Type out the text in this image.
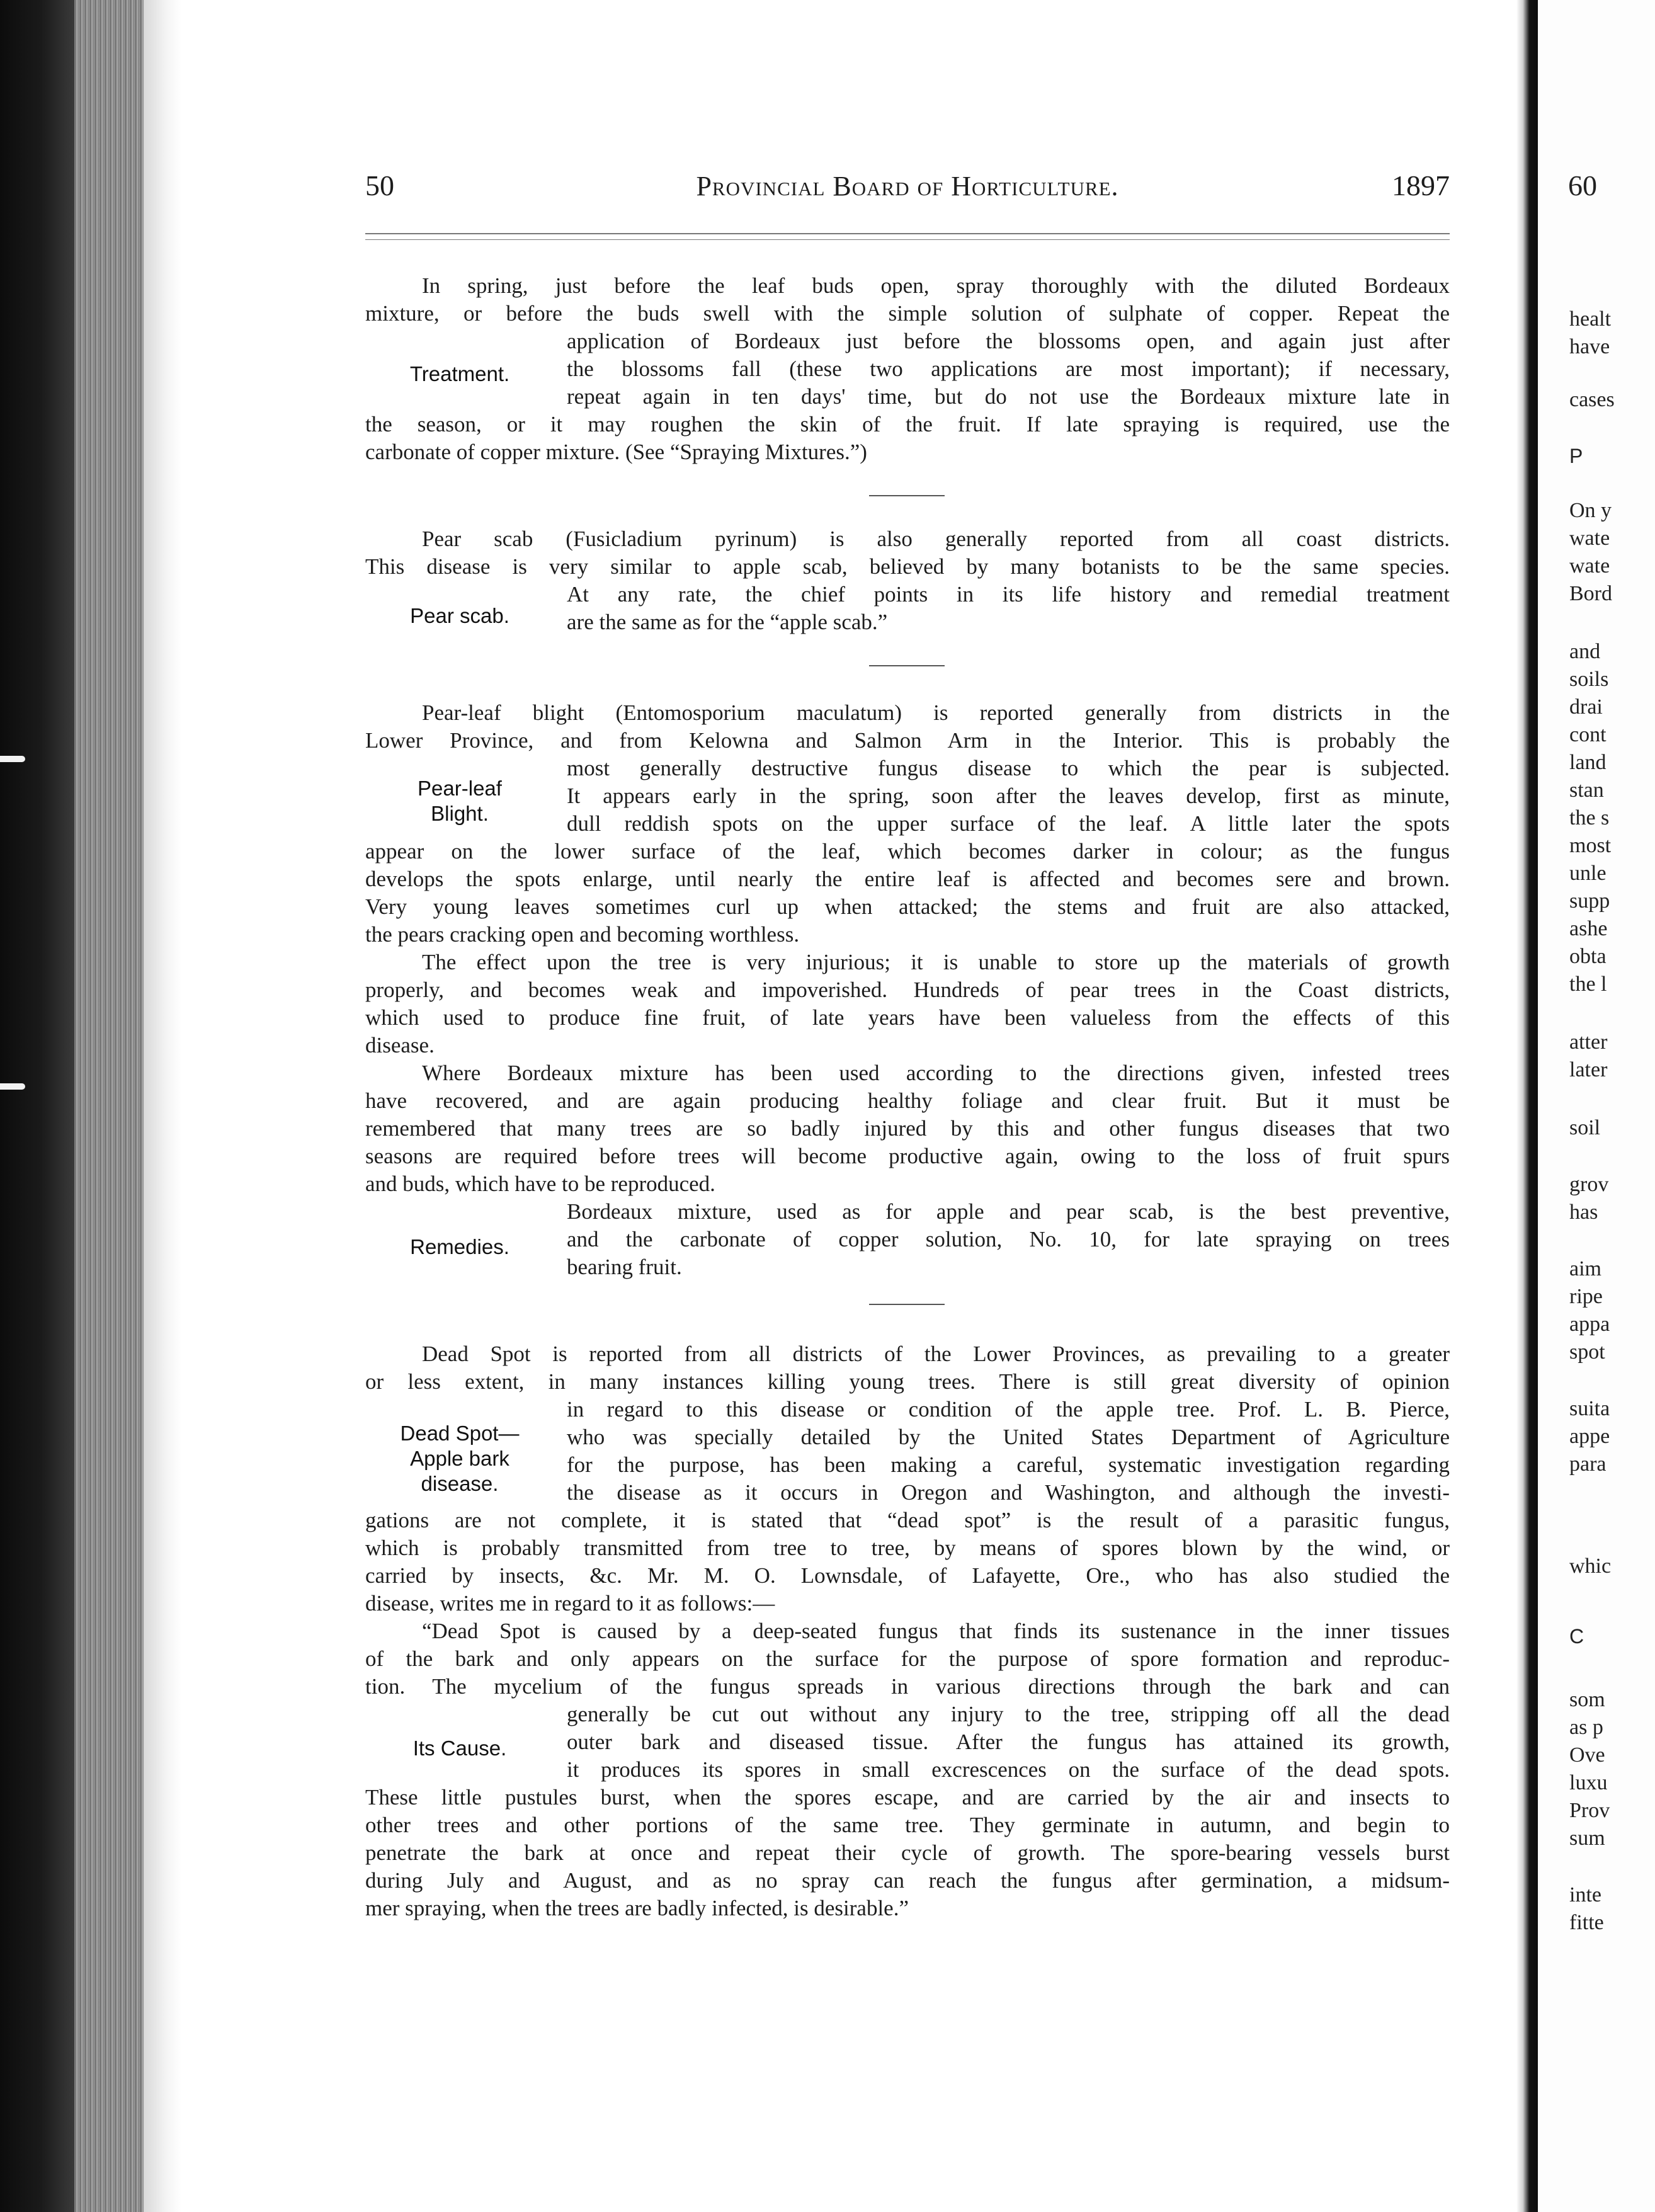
60
healt
have
cases
P
On y
wate
wate
Bord
and
soils
drai
cont
land
stan
the s
most
unle
supp
ashe
obta
the l
atter
later
soil
grov
has
aim
ripe
appa
spot
suita
appe
para
whic
C
som
as p
Ove
luxu
Prov
sum
inte
fitte
50	Provincial Board of Horticulture.	1897
In spring, just before the leaf buds open, spray thoroughly with the diluted Bordeaux
mixture, or before the buds swell with the simple solution of sulphate of copper. Repeat the
application of Bordeaux just before the blossoms open, and again just after
the blossoms fall (these two applications are most important); if necessary,
repeat again in ten days' time, but do not use the Bordeaux mixture late in
the season, or it may roughen the skin of the fruit. If late spraying is required, use the
carbonate of copper mixture. (See “Spraying Mixtures.”)
Treatment.
Pear scab (Fusicladium pyrinum) is also generally reported from all coast districts.
This disease is very similar to apple scab, believed by many botanists to be the same species.
At any rate, the chief points in its life history and remedial treatment
are the same as for the “apple scab.”
Pear scab.
Pear-leaf blight (Entomosporium maculatum) is reported generally from districts in the
Lower Province, and from Kelowna and Salmon Arm in the Interior. This is probably the
most generally destructive fungus disease to which the pear is subjected.
It appears early in the spring, soon after the leaves develop, first as minute,
dull reddish spots on the upper surface of the leaf. A little later the spots
appear on the lower surface of the leaf, which becomes darker in colour; as the fungus
develops the spots enlarge, until nearly the entire leaf is affected and becomes sere and brown.
Very young leaves sometimes curl up when attacked; the stems and fruit are also attacked,
the pears cracking open and becoming worthless.
The effect upon the tree is very injurious; it is unable to store up the materials of growth
properly, and becomes weak and impoverished. Hundreds of pear trees in the Coast districts,
which used to produce fine fruit, of late years have been valueless from the effects of this
disease.
Where Bordeaux mixture has been used according to the directions given, infested trees
have recovered, and are again producing healthy foliage and clear fruit. But it must be
remembered that many trees are so badly injured by this and other fungus diseases that two
seasons are required before trees will become productive again, owing to the loss of fruit spurs
and buds, which have to be reproduced.
Pear-leaf
Blight.
Bordeaux mixture, used as for apple and pear scab, is the best preventive,
and the carbonate of copper solution, No. 10, for late spraying on trees
bearing fruit.
Remedies.
Dead Spot is reported from all districts of the Lower Provinces, as prevailing to a greater
or less extent, in many instances killing young trees. There is still great diversity of opinion
in regard to this disease or condition of the apple tree. Prof. L. B. Pierce,
who was specially detailed by the United States Department of Agriculture
for the purpose, has been making a careful, systematic investigation regarding
the disease as it occurs in Oregon and Washington, and although the investi-
gations are not complete, it is stated that “dead spot” is the result of a parasitic fungus,
which is probably transmitted from tree to tree, by means of spores blown by the wind, or
carried by insects, &c. Mr. M. O. Lownsdale, of Lafayette, Ore., who has also studied the
disease, writes me in regard to it as follows:—
Dead Spot—
Apple bark
disease.
“Dead Spot is caused by a deep-seated fungus that finds its sustenance in the inner tissues
of the bark and only appears on the surface for the purpose of spore formation and reproduc-
tion. The mycelium of the fungus spreads in various directions through the bark and can
generally be cut out without any injury to the tree, stripping off all the dead
outer bark and diseased tissue. After the fungus has attained its growth,
it produces its spores in small excrescences on the surface of the dead spots.
These little pustules burst, when the spores escape, and are carried by the air and insects to
other trees and other portions of the same tree. They germinate in autumn, and begin to
penetrate the bark at once and repeat their cycle of growth. The spore-bearing vessels burst
during July and August, and as no spray can reach the fungus after germination, a midsum-
mer spraying, when the trees are badly infected, is desirable.”
Its Cause.
